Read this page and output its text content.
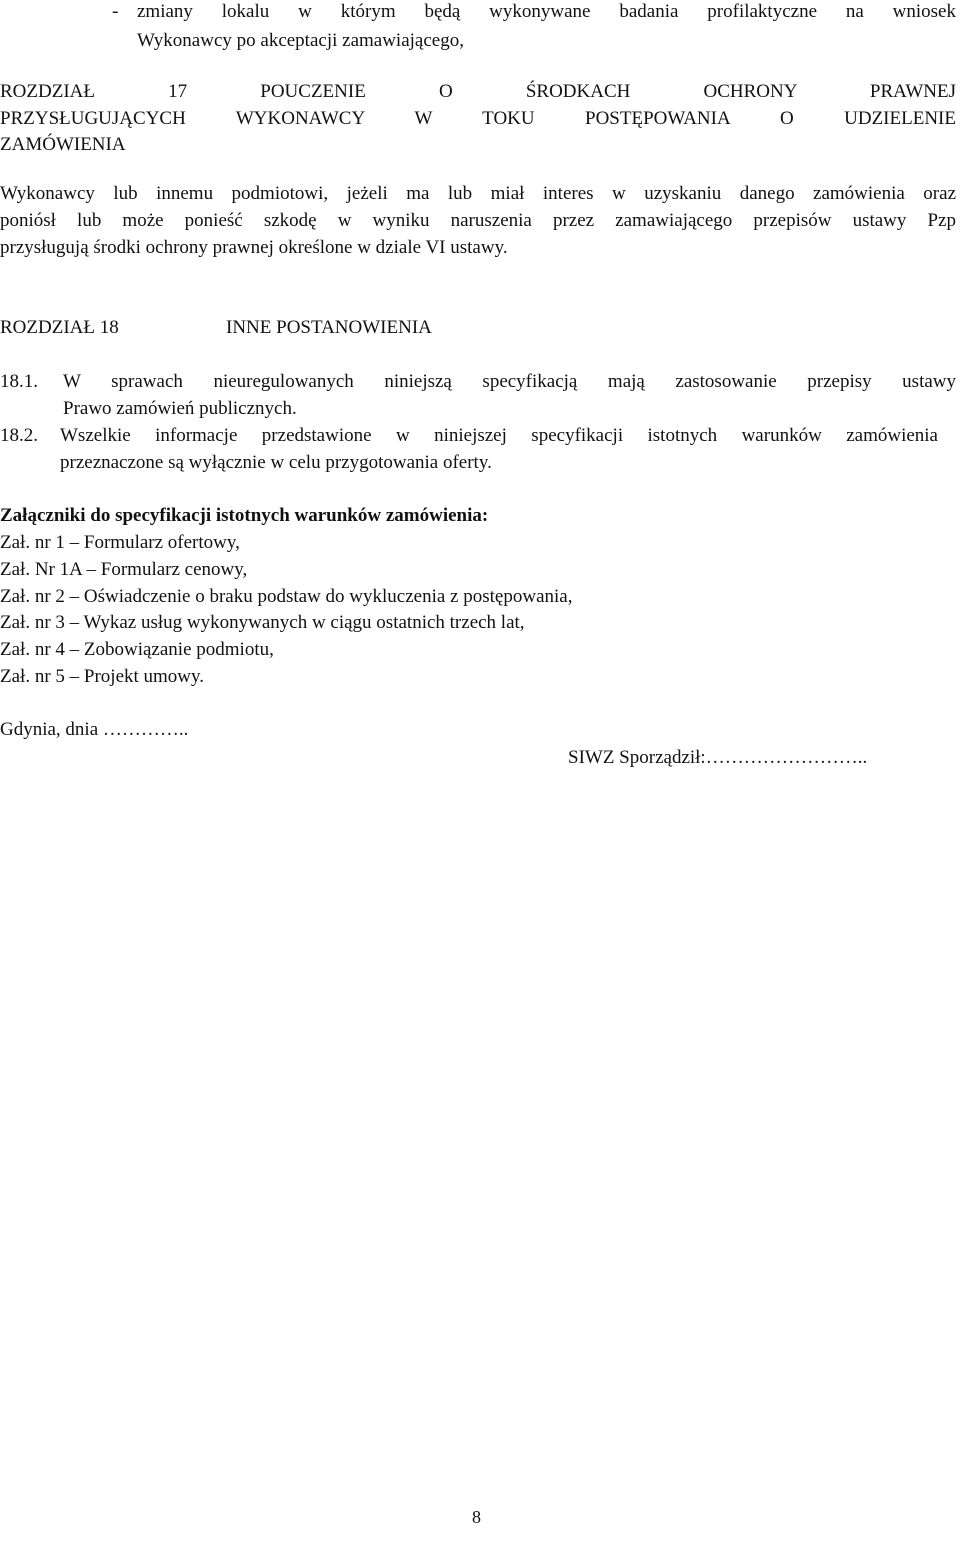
- zmiany lokalu w którym będą wykonywane badania profilaktyczne na wniosek
Wykonawcy po akceptacji zamawiającego,
ROZDZIAŁ 17 POUCZENIE O ŚRODKACH OCHRONY PRAWNEJ
PRZYSŁUGUJĄCYCH WYKONAWCY W TOKU POSTĘPOWANIA O UDZIELENIE
ZAMÓWIENIA
Wykonawcy lub innemu podmiotowi, jeżeli ma lub miał interes w uzyskaniu danego zamówienia oraz
poniósł lub może ponieść szkodę w wyniku naruszenia przez zamawiającego przepisów ustawy Pzp
przysługują środki ochrony prawnej określone w dziale VI ustawy.
ROZDZIAŁ 18	INNE POSTANOWIENIA
18.1. W sprawach nieuregulowanych niniejszą specyfikacją mają zastosowanie przepisy ustawy
Prawo zamówień publicznych.
18.2. Wszelkie informacje przedstawione w niniejszej specyfikacji istotnych warunków zamówienia
przeznaczone są wyłącznie w celu przygotowania oferty.
Załączniki do specyfikacji istotnych warunków zamówienia:
Zał. nr 1 – Formularz ofertowy,
Zał. Nr 1A – Formularz cenowy,
Zał. nr 2 – Oświadczenie o braku podstaw do wykluczenia z postępowania,
Zał. nr 3 – Wykaz usług wykonywanych w ciągu ostatnich trzech lat,
Zał. nr 4 – Zobowiązanie podmiotu,
Zał. nr 5 – Projekt umowy.
Gdynia, dnia …………..
SIWZ Sporządził:……………………..
8
